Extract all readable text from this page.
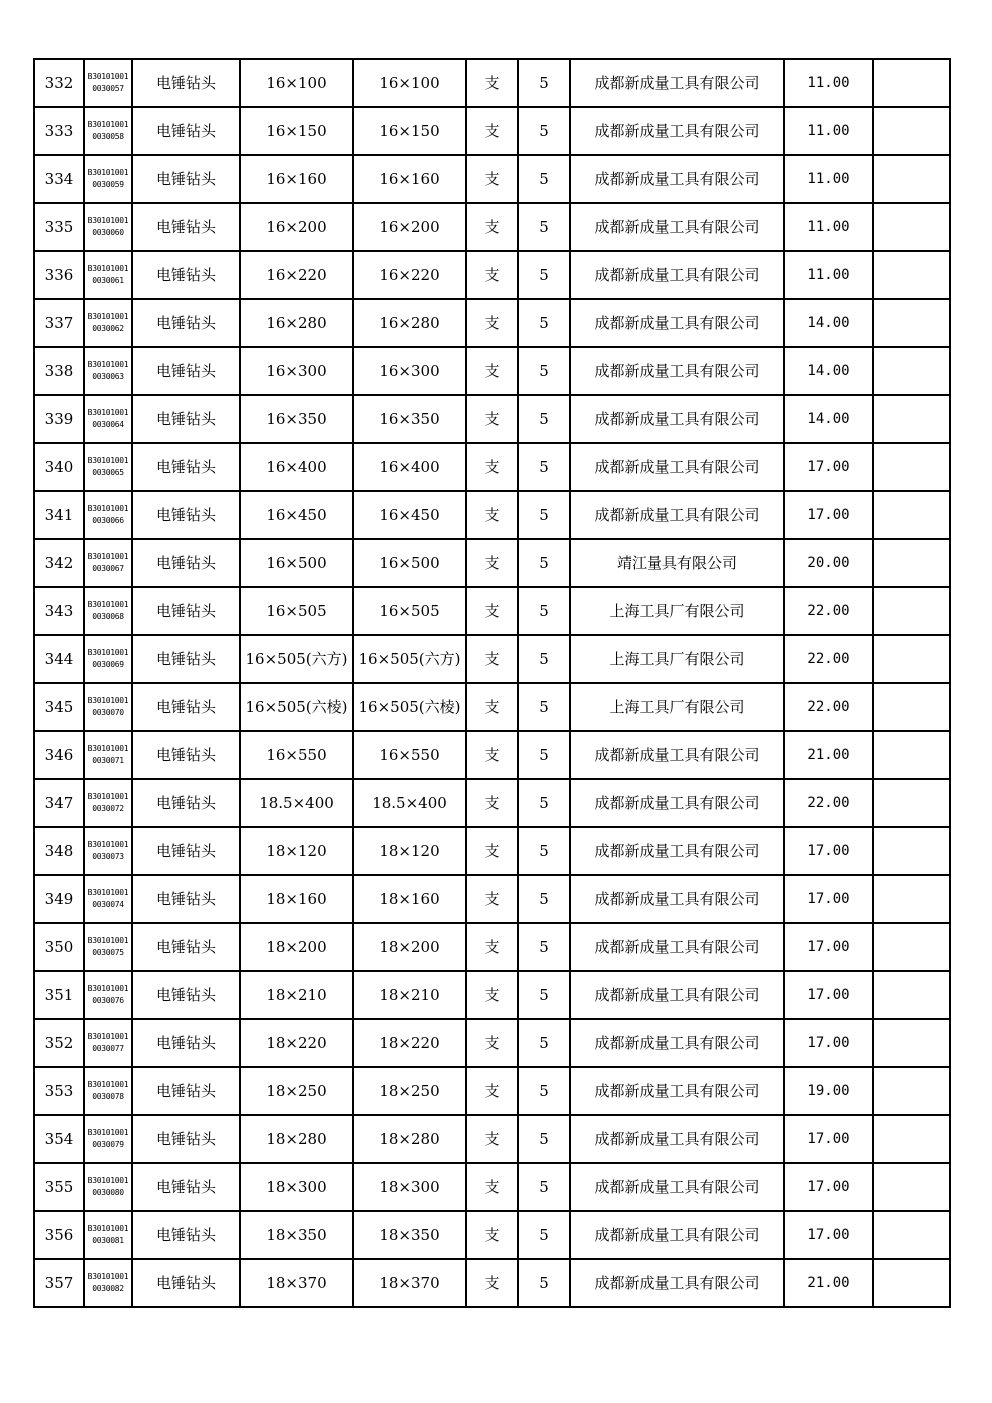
332	B30101001 0030057	电锤钻头	16×100	16×100	支	5	成都新成量工具有限公司	11.00	
333	B30101001 0030058	电锤钻头	16×150	16×150	支	5	成都新成量工具有限公司	11.00	
334	B30101001 0030059	电锤钻头	16×160	16×160	支	5	成都新成量工具有限公司	11.00	
335	B30101001 0030060	电锤钻头	16×200	16×200	支	5	成都新成量工具有限公司	11.00	
336	B30101001 0030061	电锤钻头	16×220	16×220	支	5	成都新成量工具有限公司	11.00	
337	B30101001 0030062	电锤钻头	16×280	16×280	支	5	成都新成量工具有限公司	14.00	
338	B30101001 0030063	电锤钻头	16×300	16×300	支	5	成都新成量工具有限公司	14.00	
339	B30101001 0030064	电锤钻头	16×350	16×350	支	5	成都新成量工具有限公司	14.00	
340	B30101001 0030065	电锤钻头	16×400	16×400	支	5	成都新成量工具有限公司	17.00	
341	B30101001 0030066	电锤钻头	16×450	16×450	支	5	成都新成量工具有限公司	17.00	
342	B30101001 0030067	电锤钻头	16×500	16×500	支	5	靖江量具有限公司	20.00	
343	B30101001 0030068	电锤钻头	16×505	16×505	支	5	上海工具厂有限公司	22.00	
344	B30101001 0030069	电锤钻头	16×505(六方)	16×505(六方)	支	5	上海工具厂有限公司	22.00	
345	B30101001 0030070	电锤钻头	16×505(六棱)	16×505(六棱)	支	5	上海工具厂有限公司	22.00	
346	B30101001 0030071	电锤钻头	16×550	16×550	支	5	成都新成量工具有限公司	21.00	
347	B30101001 0030072	电锤钻头	18.5×400	18.5×400	支	5	成都新成量工具有限公司	22.00	
348	B30101001 0030073	电锤钻头	18×120	18×120	支	5	成都新成量工具有限公司	17.00	
349	B30101001 0030074	电锤钻头	18×160	18×160	支	5	成都新成量工具有限公司	17.00	
350	B30101001 0030075	电锤钻头	18×200	18×200	支	5	成都新成量工具有限公司	17.00	
351	B30101001 0030076	电锤钻头	18×210	18×210	支	5	成都新成量工具有限公司	17.00	
352	B30101001 0030077	电锤钻头	18×220	18×220	支	5	成都新成量工具有限公司	17.00	
353	B30101001 0030078	电锤钻头	18×250	18×250	支	5	成都新成量工具有限公司	19.00	
354	B30101001 0030079	电锤钻头	18×280	18×280	支	5	成都新成量工具有限公司	17.00	
355	B30101001 0030080	电锤钻头	18×300	18×300	支	5	成都新成量工具有限公司	17.00	
356	B30101001 0030081	电锤钻头	18×350	18×350	支	5	成都新成量工具有限公司	17.00	
357	B30101001 0030082	电锤钻头	18×370	18×370	支	5	成都新成量工具有限公司	21.00	
